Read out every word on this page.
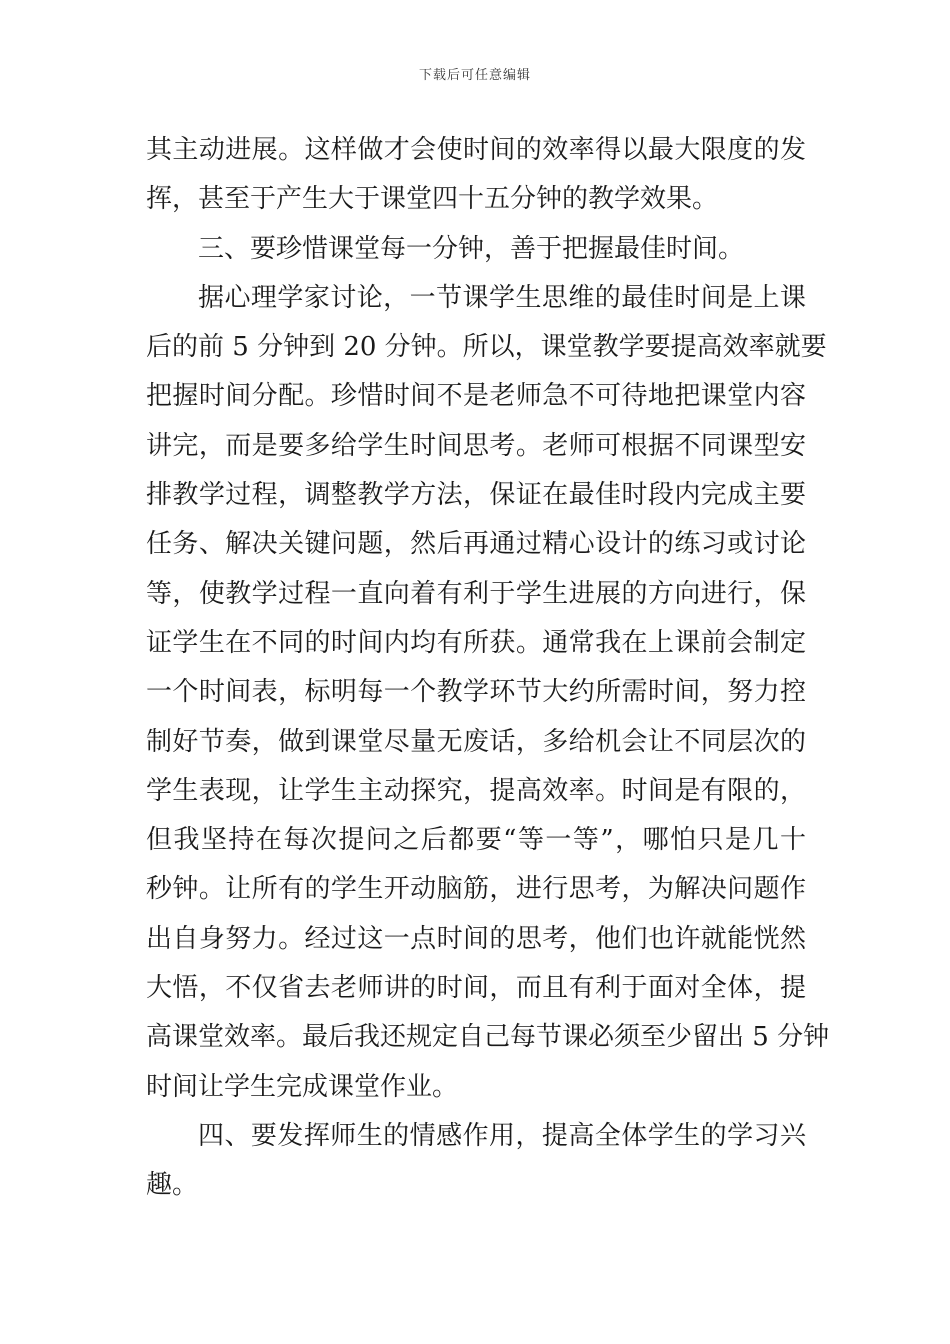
下载后可任意编辑
其主动进展。这样做才会使时间的效率得以最大限度的发
挥，甚至于产生大于课堂四十五分钟的教学效果。
三、要珍惜课堂每一分钟，善于把握最佳时间。
据心理学家讨论，一节课学生思维的最佳时间是上课
后的前 5 分钟到 20 分钟。所以，课堂教学要提高效率就要
把握时间分配。珍惜时间不是老师急不可待地把课堂内容
讲完，而是要多给学生时间思考。老师可根据不同课型安
排教学过程，调整教学方法，保证在最佳时段内完成主要
任务、解决关键问题，然后再通过精心设计的练习或讨论
等，使教学过程一直向着有利于学生进展的方向进行，保
证学生在不同的时间内均有所获。通常我在上课前会制定
一个时间表，标明每一个教学环节大约所需时间，努力控
制好节奏，做到课堂尽量无废话，多给机会让不同层次的
学生表现，让学生主动探究，提高效率。时间是有限的，
但我坚持在每次提问之后都要“等一等”，哪怕只是几十
秒钟。让所有的学生开动脑筋，进行思考，为解决问题作
出自身努力。经过这一点时间的思考，他们也许就能恍然
大悟，不仅省去老师讲的时间，而且有利于面对全体，提
高课堂效率。最后我还规定自己每节课必须至少留出 5 分钟
时间让学生完成课堂作业。
四、要发挥师生的情感作用，提高全体学生的学习兴
趣。
